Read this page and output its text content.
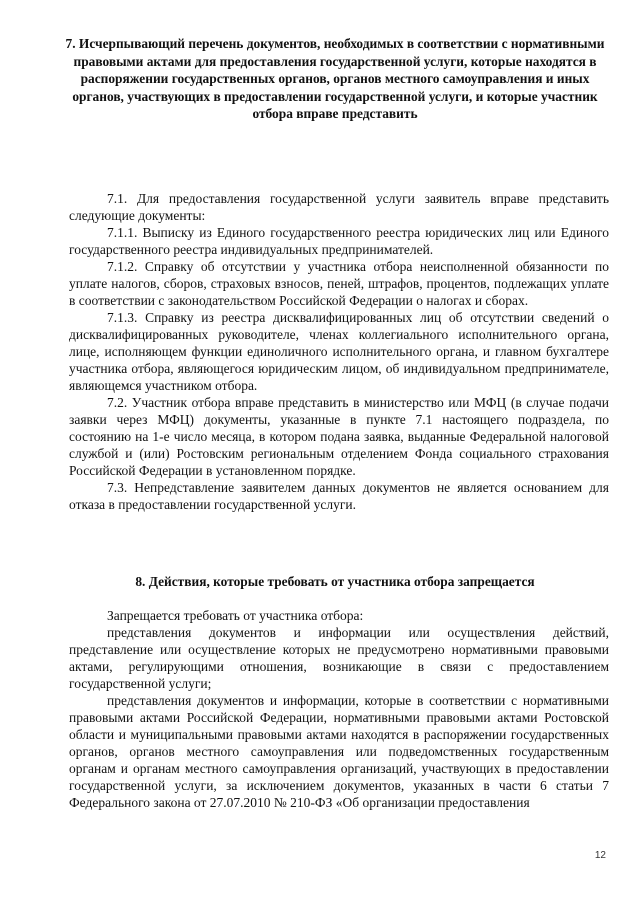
7. Исчерпывающий перечень документов, необходимых в соответствии с нормативными правовыми актами для предоставления государственной услуги, которые находятся в распоряжении государственных органов, органов местного самоуправления и иных органов, участвующих в предоставлении государственной услуги, и которые участник отбора вправе представить

7.1. Для предоставления государственной услуги заявитель вправе представить следующие документы:

7.1.1. Выписку из Единого государственного реестра юридических лиц или Единого государственного реестра индивидуальных предпринимателей.

7.1.2. Справку об отсутствии у участника отбора неисполненной обязанности по уплате налогов, сборов, страховых взносов, пеней, штрафов, процентов, подлежащих уплате в соответствии с законодательством Российской Федерации о налогах и сборах.

7.1.3. Справку из реестра дисквалифицированных лиц об отсутствии сведений о дисквалифицированных руководителе, членах коллегиального исполнительного органа, лице, исполняющем функции единоличного исполнительного органа, и главном бухгалтере участника отбора, являющегося юридическим лицом, об индивидуальном предпринимателе, являющемся участником отбора.

7.2. Участник отбора вправе представить в министерство или МФЦ (в случае подачи заявки через МФЦ) документы, указанные в пункте 7.1 настоящего подраздела, по состоянию на 1-е число месяца, в котором подана заявка, выданные Федеральной налоговой службой и (или) Ростовским региональным отделением Фонда социального страхования Российской Федерации в установленном порядке.

7.3. Непредставление заявителем данных документов не является основанием для отказа в предоставлении государственной услуги.

8. Действия, которые требовать от участника отбора запрещается

Запрещается требовать от участника отбора:

представления документов и информации или осуществления действий, представление или осуществление которых не предусмотрено нормативными правовыми актами, регулирующими отношения, возникающие в связи с предоставлением государственной услуги;

представления документов и информации, которые в соответствии с нормативными правовыми актами Российской Федерации, нормативными правовыми актами Ростовской области и муниципальными правовыми актами находятся в распоряжении государственных органов, органов местного самоуправления или подведомственных государственным органам и органам местного самоуправления организаций, участвующих в предоставлении государственной услуги, за исключением документов, указанных в части 6 статьи 7 Федерального закона от 27.07.2010 № 210-ФЗ «Об организации предоставления

12
